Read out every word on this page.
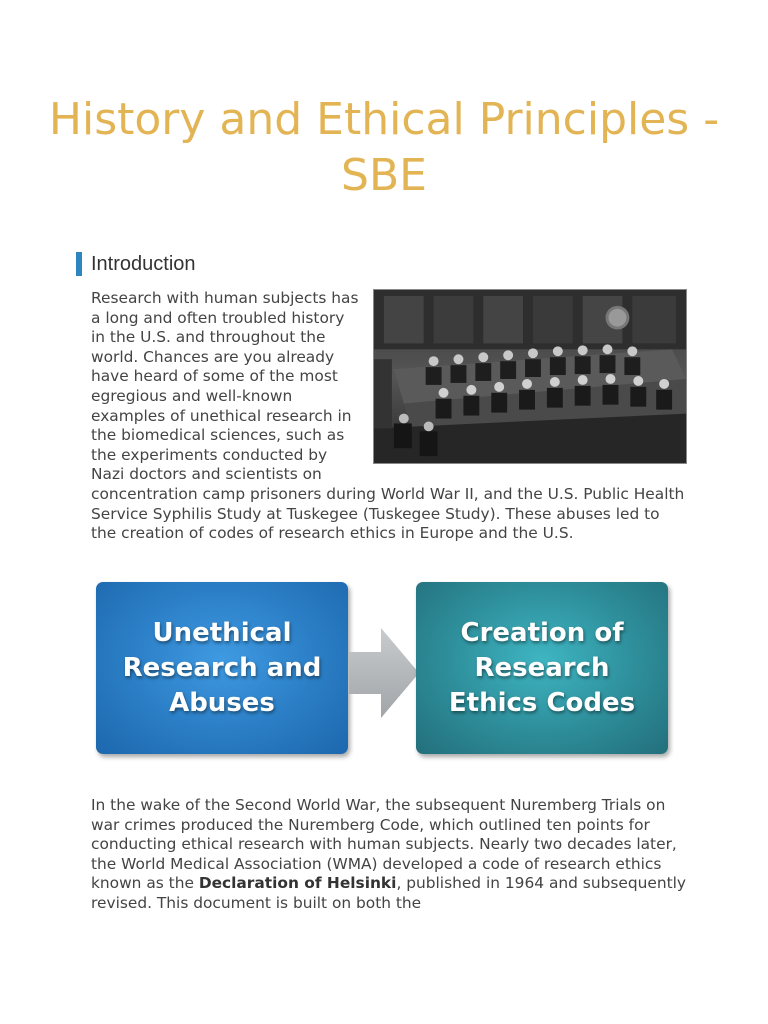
History and Ethical Principles - SBE
Introduction
Research with human subjects has a long and often troubled history in the U.S. and throughout the world. Chances are you already have heard of some of the most egregious and well-known examples of unethical research in the biomedical sciences, such as the experiments conducted by Nazi doctors and scientists on concentration camp prisoners during World War II, and the U.S. Public Health Service Syphilis Study at Tuskegee (Tuskegee Study). These abuses led to the creation of codes of research ethics in Europe and the U.S.
Unethical
Research and
Abuses
Creation of
Research
Ethics Codes

In the wake of the Second World War, the subsequent Nuremberg Trials on war crimes produced the Nuremberg Code, which outlined ten points for conducting ethical research with human subjects. Nearly two decades later, the World Medical Association (WMA) developed a code of research ethics known as the Declaration of Helsinki, published in 1964 and subsequently revised. This document is built on both the
